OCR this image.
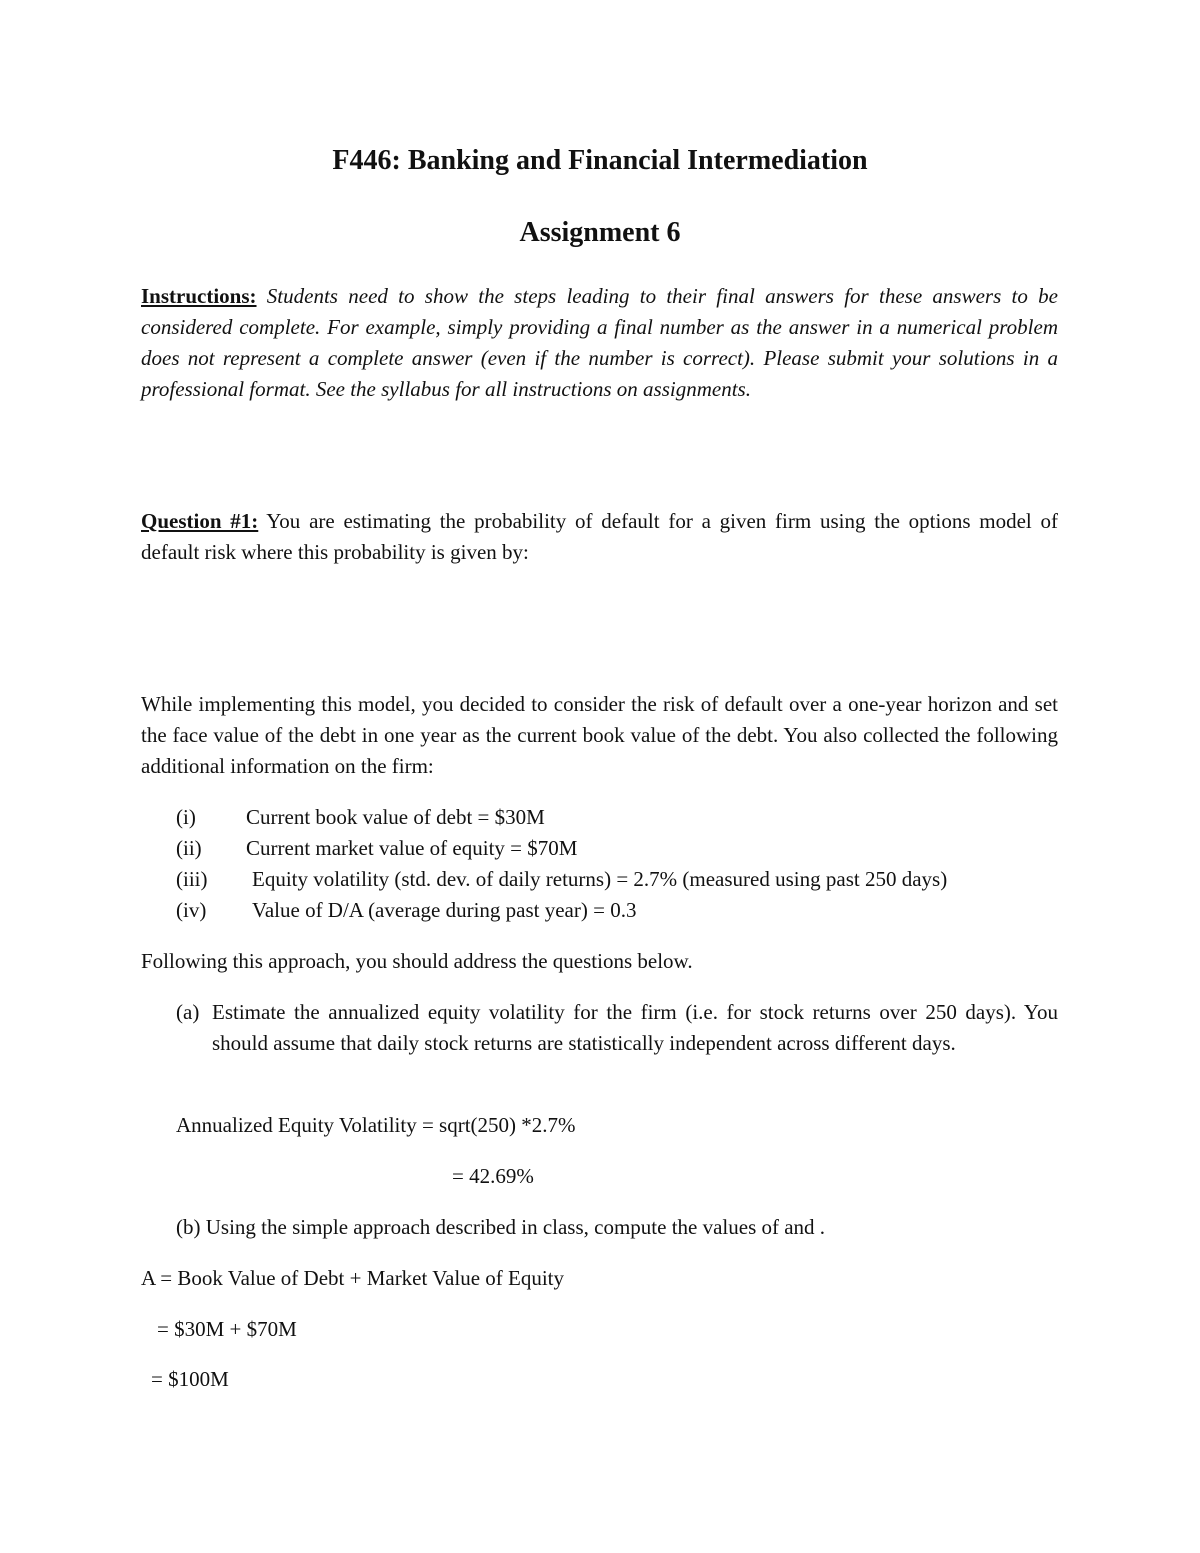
F446: Banking and Financial Intermediation
Assignment 6
Instructions: Students need to show the steps leading to their final answers for these answers to be considered complete. For example, simply providing a final number as the answer in a numerical problem does not represent a complete answer (even if the number is correct). Please submit your solutions in a professional format. See the syllabus for all instructions on assignments.
Question #1: You are estimating the probability of default for a given firm using the options model of default risk where this probability is given by:
While implementing this model, you decided to consider the risk of default over a one-year horizon and set the face value of the debt in one year as the current book value of the debt. You also collected the following additional information on the firm:
(i) Current book value of debt = $30M
(ii) Current market value of equity = $70M
(iii) Equity volatility (std. dev. of daily returns) = 2.7% (measured using past 250 days)
(iv) Value of D/A (average during past year) = 0.3
Following this approach, you should address the questions below.
(a) Estimate the annualized equity volatility for the firm (i.e. for stock returns over 250 days). You should assume that daily stock returns are statistically independent across different days.
Annualized Equity Volatility = sqrt(250) *2.7%
= 42.69%
(b) Using the simple approach described in class, compute the values of and .
A = Book Value of Debt + Market Value of Equity
= $30M + $70M
= $100M
